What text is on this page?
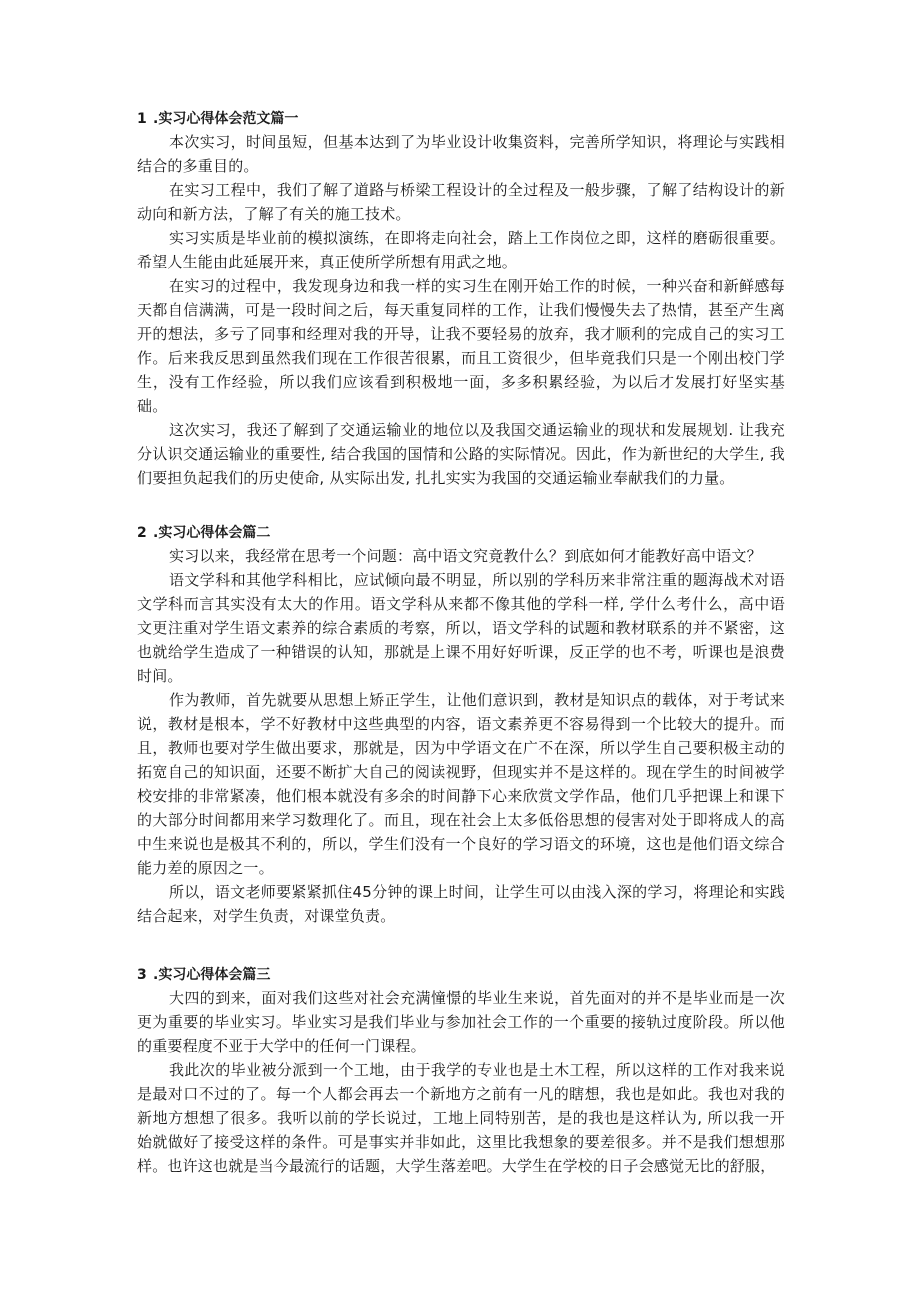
1 .实习心得体会范文篇一

本次实习，时间虽短，但基本达到了为毕业设计收集资料，完善所学知识，将理论与实践相结合的多重目的。

在实习工程中，我们了解了道路与桥梁工程设计的全过程及一般步骤，了解了结构设计的新动向和新方法，了解了有关的施工技术。

实习实质是毕业前的模拟演练，在即将走向社会，踏上工作岗位之即，这样的磨砺很重要。希望人生能由此延展开来，真正使所学所想有用武之地。

在实习的过程中，我发现身边和我一样的实习生在刚开始工作的时候，一种兴奋和新鲜感每天都自信满满，可是一段时间之后，每天重复同样的工作，让我们慢慢失去了热情，甚至产生离开的想法，多亏了同事和经理对我的开导，让我不要轻易的放弃，我才顺利的完成自己的实习工作。后来我反思到虽然我们现在工作很苦很累，而且工资很少，但毕竟我们只是一个刚出校门学生，没有工作经验，所以我们应该看到积极地一面，多多积累经验，为以后才发展打好坚实基础。

这次实习，我还了解到了交通运输业的地位以及我国交通运输业的现状和发展规划. 让我充分认识交通运输业的重要性, 结合我国的国情和公路的实际情况。因此，作为新世纪的大学生, 我们要担负起我们的历史使命, 从实际出发, 扎扎实实为我国的交通运输业奉献我们的力量。

2 .实习心得体会篇二

实习以来，我经常在思考一个问题：高中语文究竟教什么？到底如何才能教好高中语文？

语文学科和其他学科相比，应试倾向最不明显，所以别的学科历来非常注重的题海战术对语文学科而言其实没有太大的作用。语文学科从来都不像其他的学科一样, 学什么考什么，高中语文更注重对学生语文素养的综合素质的考察，所以，语文学科的试题和教材联系的并不紧密，这也就给学生造成了一种错误的认知，那就是上课不用好好听课，反正学的也不考，听课也是浪费时间。

作为教师，首先就要从思想上矫正学生，让他们意识到，教材是知识点的载体，对于考试来说，教材是根本，学不好教材中这些典型的内容，语文素养更不容易得到一个比较大的提升。而且，教师也要对学生做出要求，那就是，因为中学语文在广不在深，所以学生自己要积极主动的拓宽自己的知识面，还要不断扩大自己的阅读视野，但现实并不是这样的。现在学生的时间被学校安排的非常紧凑，他们根本就没有多余的时间静下心来欣赏文学作品，他们几乎把课上和课下的大部分时间都用来学习数理化了。而且，现在社会上太多低俗思想的侵害对处于即将成人的高中生来说也是极其不利的，所以，学生们没有一个良好的学习语文的环境，这也是他们语文综合能力差的原因之一。

所以，语文老师要紧紧抓住45分钟的课上时间，让学生可以由浅入深的学习，将理论和实践结合起来，对学生负责，对课堂负责。

3 .实习心得体会篇三

大四的到来，面对我们这些对社会充满憧憬的毕业生来说，首先面对的并不是毕业而是一次更为重要的毕业实习。毕业实习是我们毕业与参加社会工作的一个重要的接轨过度阶段。所以他的重要程度不亚于大学中的任何一门课程。

我此次的毕业被分派到一个工地，由于我学的专业也是土木工程，所以这样的工作对我来说是最对口不过的了。每一个人都会再去一个新地方之前有一凡的瞎想，我也是如此。我也对我的新地方想想了很多。我听以前的学长说过，工地上同特别苦，是的我也是这样认为, 所以我一开始就做好了接受这样的条件。可是事实并非如此，这里比我想象的要差很多。并不是我们想想那样。也许这也就是当今最流行的话题，大学生落差吧。大学生在学校的日子会感觉无比的舒服，
